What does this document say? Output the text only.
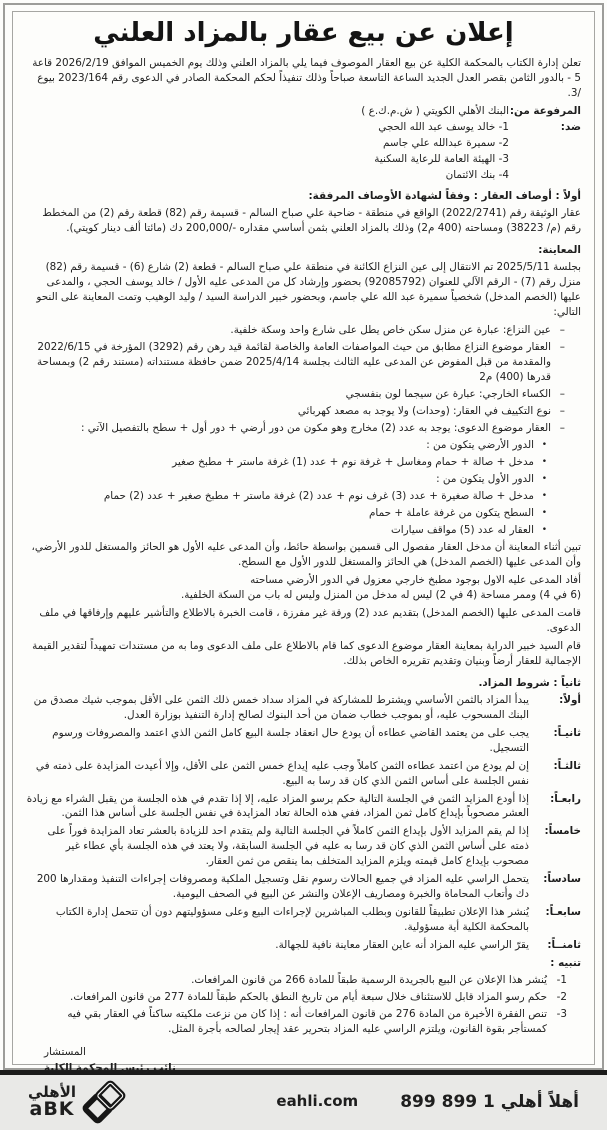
إعلان عن بيع عقار بالمزاد العلني

تعلن إدارة الكتاب بالمحكمة الكلية عن بيع العقار الموصوف فيما يلي بالمزاد العلني وذلك يوم الخميس الموافق 2026/2/19 قاعة 5 - بالدور الثامن بقصر العدل الجديد الساعة التاسعة صباحاً وذلك تنفيذاً لحكم المحكمة الصادر في الدعوى رقم 2023/164 بيوع /3.

المرفوعة من:
البنك الأهلي الكويتي ( ش.م.ك.ع )
ضد:
1- خالد يوسف عبد الله الحجي
2- سميرة عبدالله علي جاسم
3- الهيئة العامة للرعاية السكنية
4- بنك الائتمان

أولاً : أوصاف العقار : وفقاً لشهادة الأوصاف المرفقة:

عقار الوثيقة رقم (2022/2741) الواقع في منطقة - ضاحية علي صباح السالم - قسيمة رقم (82) قطعة رقم (2) من المخطط رقم (م/ 38223) ومساحته (400 م2) وذلك بالمزاد العلني بثمن أساسي مقداره -/200,000 دك (مائتا ألف دينار كويتي).

المعاينة:

بجلسة 2025/5/11 تم الانتقال إلى عين النزاع الكائنة في منطقة علي صباح السالم - قطعة (2) شارع (6) - قسيمة رقم (82) منزل رقم (7) - الرقم الآلي للعنوان (92085792) بحضور وإرشاد كل من المدعى عليه الأول / خالد يوسف الحجي ، والمدعى عليها (الخصم المدخل) شخصياً سميرة عبد الله علي جاسم، وبحضور خبير الدراسة السيد / وليد الوهيب وتمت المعاينة على النحو التالي:

–
عين النزاع: عبارة عن منزل سكن خاص يطل على شارع واحد وسكة خلفية.
–
العقار موضوع النزاع مطابق من حيث المواصفات العامة والخاصة لقائمة قيد رهن رقم (3292) المؤرخة في 2022/6/15 والمقدمة من قبل المفوض عن المدعى عليه الثالث بجلسة 2025/4/14 ضمن حافظة مستنداته (مستند رقم 2) وبمساحة قدرها (400) م2
–
الكساء الخارجي: عبارة عن سيجما لون بنفسجي
–
نوع التكييف في العقار: (وحدات) ولا يوجد به مصعد كهربائي
–
العقار موضوع الدعوى: يوجد به عدد (2) مخارج وهو مكون من دور أرضي + دور أول + سطح بالتفصيل الآتي :
•
الدور الأرضي يتكون من :
•
مدخل + صالة + حمام ومغاسل + غرفة نوم + عدد (1) غرفة ماستر + مطبخ صغير
•
الدور الأول يتكون من :
•
مدخل + صالة صغيرة + عدد (3) غرف نوم + عدد (2) غرفة ماستر + مطبخ صغير + عدد (2) حمام
•
السطح يتكون من غرفة عاملة + حمام
•
العقار له عدد (5) مواقف سيارات

تبين أثناء المعاينة أن مدخل العقار مفصول الى قسمين بواسطة حائط، وأن المدعى عليه الأول هو الحائز والمستغل للدور الأرضي، وأن المدعى عليها (الخصم المدخل) هي الحائز والمستغل للدور الأول مع السطح.

أفاد المدعى عليه الاول بوجود مطبخ خارجي معزول في الدور الأرضي مساحته

(6 في 4) وممر مساحة (4 في 2) ليس له مدخل من المنزل وليس له باب من السكة الخلفية.

قامت المدعى عليها (الخصم المدخل) بتقديم عدد (2) ورقة غير مفرزة ، قامت الخبرة بالاطلاع والتأشير عليهم وإرفاقها في ملف الدعوى.

قام السيد خبير الدراية بمعاينة العقار موضوع الدعوى كما قام بالاطلاع على ملف الدعوى وما به من مستندات تمهيداً لتقدير القيمة الإجمالية للعقار أرضاً وبنيان وتقديم تقريره الخاص بذلك.

ثانياً : شروط المزاد.

أولاً:
يبدأ المزاد بالثمن الأساسي ويشترط للمشاركة في المزاد سداد خمس ذلك الثمن على الأقل بموجب شيك مصدق من البنك المسحوب عليه، أو بموجب خطاب ضمان من أحد البنوك لصالح إدارة التنفيذ بوزارة العدل.
ثانيـاً:
يجب على من يعتمد القاضي عطاءه أن يودع حال انعقاد جلسة البيع كامل الثمن الذي اعتمد والمصروفات ورسوم التسجيل.
ثالثـاً:
إن لم يودع من اعتمد عطاءه الثمن كاملاً وجب عليه إيداع خمس الثمن على الأقل، وإلا أعيدت المزايدة على ذمته في نفس الجلسة على أساس الثمن الذي كان قد رسا به البيع.
رابعـاً:
إذا أودع المزايد الثمن في الجلسة التالية حكم برسو المزاد عليه، إلا إذا تقدم في هذه الجلسة من يقبل الشراء مع زيادة العشر مصحوباً بإيداع كامل ثمن المزاد، ففي هذه الحالة تعاد المزايدة في نفس الجلسة على أساس هذا الثمن.
خامساً:
إذا لم يقم المزايد الأول بإيداع الثمن كاملاً في الجلسة التالية ولم يتقدم احد للزيادة بالعشر تعاد المزايدة فوراً على ذمته على أساس الثمن الذي كان قد رسا به عليه في الجلسة السابقة، ولا يعتد في هذه الجلسة بأي عطاء غير مصحوب بإيداع كامل قيمته ويلزم المزايد المتخلف بما ينقص من ثمن العقار.
سادساً:
يتحمل الراسي عليه المزاد في جميع الحالات رسوم نقل وتسجيل الملكية ومصروفات إجراءات التنفيذ ومقدارها 200 دك وأتعاب المحاماة والخبرة ومصاريف الإعلان والنشر عن البيع في الصحف اليومية.
سابعـاً:
يُنشر هذا الإعلان تطبيقاً للقانون وبطلب المباشرين لإجراءات البيع وعلى مسؤوليتهم دون أن تتحمل إدارة الكتاب بالمحكمة الكلية أية مسؤولية.
ثامنــاً:
يقرّ الراسي عليه المزاد أنه عاين العقار معاينة نافية للجهالة.

تنبيه :

1-
يُنشر هذا الإعلان عن البيع بالجريدة الرسمية طبقاً للمادة 266 من قانون المرافعات.
2-
حكم رسو المزاد قابل للاستئناف خلال سبعة أيام من تاريخ النطق بالحكم طبقاً للمادة 277 من قانون المرافعات.
3-
تنص الفقرة الأخيرة من المادة 276 من قانون المرافعات أنه : إذا كان من نزعت ملكيته ساكناً في العقار بقي فيه كمستأجر بقوة القانون، ويلتزم الراسي عليه المزاد بتحرير عقد إيجار لصالحه بأجرة المثل.
المستشار
نائب رئيس المحكمة الكلية
أهلاً أهلي 1 899 899
eahli.com
الأهلي
aBK
